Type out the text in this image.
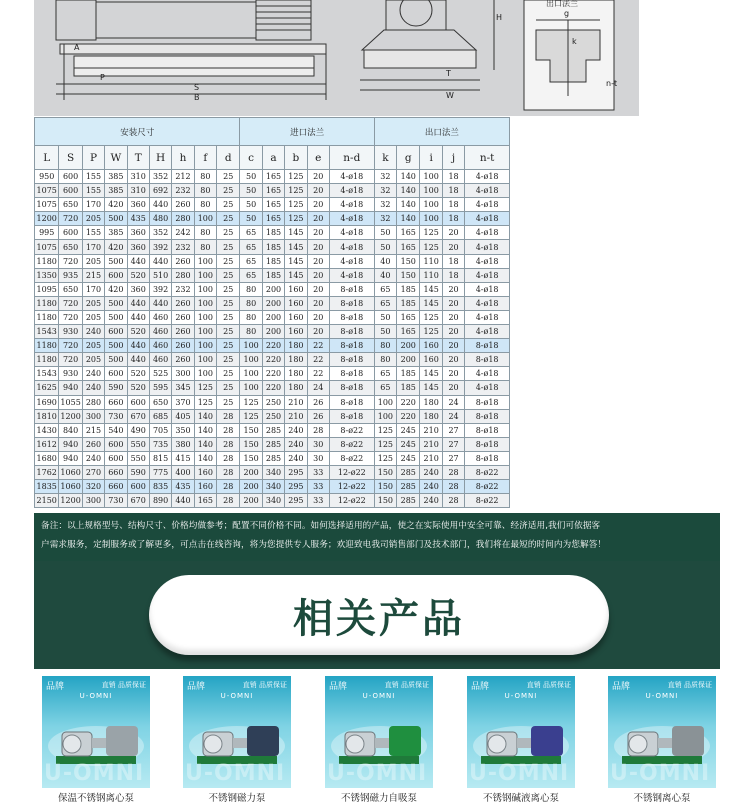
A
P
S
B
T
W
H	g
k
n-t
出口法兰
安装尺寸									进口法兰					出口法兰				
L	S	P	W	T	H	h	f	d	c	a	b	e	n-d	k	g	i	j	n-t
950	600	155	385	310	352	212	80	25	50	165	125	20	4-ø18	32	140	100	18	4-ø18
1075	600	155	385	310	692	232	80	25	50	165	125	20	4-ø18	32	140	100	18	4-ø18
1075	650	170	420	360	440	260	80	25	50	165	125	20	4-ø18	32	140	100	18	4-ø18
1200	720	205	500	435	480	280	100	25	50	165	125	20	4-ø18	32	140	100	18	4-ø18
995	600	155	385	360	352	242	80	25	65	185	145	20	4-ø18	50	165	125	20	4-ø18
1075	650	170	420	360	392	232	80	25	65	185	145	20	4-ø18	50	165	125	20	4-ø18
1180	720	205	500	440	440	260	100	25	65	185	145	20	4-ø18	40	150	110	18	4-ø18
1350	935	215	600	520	510	280	100	25	65	185	145	20	4-ø18	40	150	110	18	4-ø18
1095	650	170	420	360	392	232	100	25	80	200	160	20	8-ø18	65	185	145	20	4-ø18
1180	720	205	500	440	440	260	100	25	80	200	160	20	8-ø18	65	185	145	20	4-ø18
1180	720	205	500	440	460	260	100	25	80	200	160	20	8-ø18	50	165	125	20	4-ø18
1543	930	240	600	520	460	260	100	25	80	200	160	20	8-ø18	50	165	125	20	4-ø18
1180	720	205	500	440	460	260	100	25	100	220	180	22	8-ø18	80	200	160	20	8-ø18
1180	720	205	500	440	460	260	100	25	100	220	180	22	8-ø18	80	200	160	20	8-ø18
1543	930	240	600	520	525	300	100	25	100	220	180	22	8-ø18	65	185	145	20	4-ø18
1625	940	240	590	520	595	345	125	25	100	220	180	24	8-ø18	65	185	145	20	4-ø18
1690	1055	280	660	600	650	370	125	25	125	250	210	26	8-ø18	100	220	180	24	8-ø18
1810	1200	300	730	670	685	405	140	28	125	250	210	26	8-ø18	100	220	180	24	8-ø18
1430	840	215	540	490	705	350	140	28	150	285	240	28	8-ø22	125	245	210	27	8-ø18
1612	940	260	600	550	735	380	140	28	150	285	240	30	8-ø22	125	245	210	27	8-ø18
1680	940	240	600	550	815	415	140	28	150	285	240	30	8-ø22	125	245	210	27	8-ø18
1762	1060	270	660	590	775	400	160	28	200	340	295	33	12-ø22	150	285	240	28	8-ø22
1835	1060	320	660	600	835	435	160	28	200	340	295	33	12-ø22	150	285	240	28	8-ø22
2150	1200	300	730	670	890	440	165	28	200	340	295	33	12-ø22	150	285	240	28	8-ø22

备注：以上规格型号、结构尺寸、价格均做参考；配置不同价格不同。如何选择适用的产品，使之在实际使用中安全可靠、经济适用,我们可依据客

户需求服务，定制服务或了解更多，可点击在线咨询，将为您提供专人服务；欢迎致电我司销售部门及技术部门，我们将在最短的时间内为您解答！

相关产品
品牌	直销 品质保证
U-OMNI
U-OMNI
保温不锈钢离心泵
品牌	直销 品质保证
U-OMNI
U-OMNI
不锈钢磁力泵
品牌	直销 品质保证
U-OMNI
U-OMNI
不锈钢磁力自吸泵
品牌	直销 品质保证
U-OMNI
U-OMNI
不锈钢碱液离心泵
品牌	直销 品质保证
U-OMNI
U-OMNI
不锈钢离心泵
